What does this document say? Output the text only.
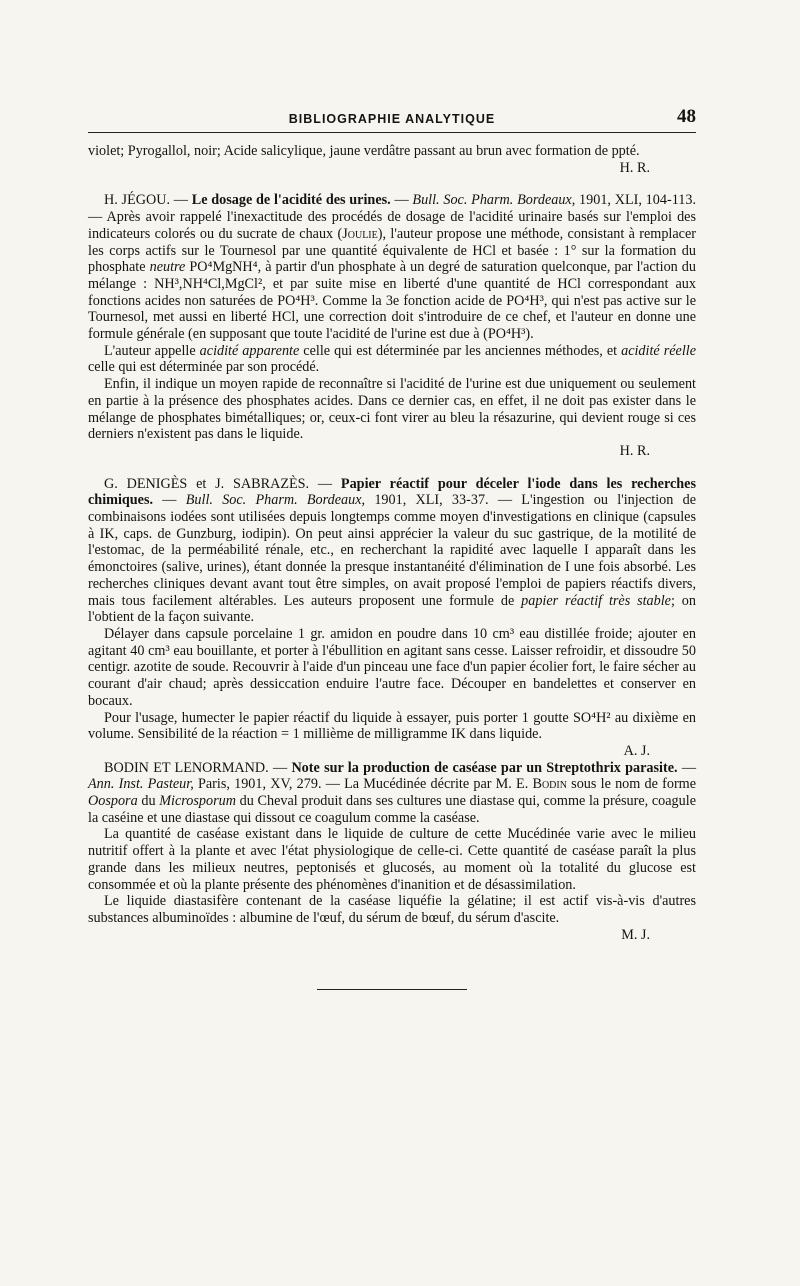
BIBLIOGRAPHIE ANALYTIQUE	48

violet; Pyrogallol, noir; Acide salicylique, jaune verdâtre passant au brun avec formation de ppté.

H. R.

H. JÉGOU. — Le dosage de l'acidité des urines. — Bull. Soc. Pharm. Bordeaux, 1901, XLI, 104-113. — Après avoir rappelé l'inexactitude des procédés de dosage de l'acidité urinaire basés sur l'emploi des indicateurs colorés ou du sucrate de chaux (Joulie), l'auteur propose une méthode, consistant à remplacer les corps actifs sur le Tournesol par une quantité équivalente de HCl et basée : 1° sur la formation du phosphate neutre PO⁴MgNH⁴, à partir d'un phosphate à un degré de saturation quelconque, par l'action du mélange : NH³,NH⁴Cl,MgCl², et par suite mise en liberté d'une quantité de HCl correspondant aux fonctions acides non saturées de PO⁴H³. Comme la 3e fonction acide de PO⁴H³, qui n'est pas active sur le Tournesol, met aussi en liberté HCl, une correction doit s'introduire de ce chef, et l'auteur en donne une formule générale (en supposant que toute l'acidité de l'urine est due à (PO⁴H³).

L'auteur appelle acidité apparente celle qui est déterminée par les anciennes méthodes, et acidité réelle celle qui est déterminée par son procédé.

Enfin, il indique un moyen rapide de reconnaître si l'acidité de l'urine est due uniquement ou seulement en partie à la présence des phosphates acides. Dans ce dernier cas, en effet, il ne doit pas exister dans le mélange de phosphates bimétalliques; or, ceux-ci font virer au bleu la résazurine, qui devient rouge si ces derniers n'existent pas dans le liquide.

H. R.

G. DENIGÈS et J. SABRAZÈS. — Papier réactif pour déceler l'iode dans les recherches chimiques. — Bull. Soc. Pharm. Bordeaux, 1901, XLI, 33-37. — L'ingestion ou l'injection de combinaisons iodées sont utilisées depuis longtemps comme moyen d'investigations en clinique (capsules à IK, caps. de Gunzburg, iodipin). On peut ainsi apprécier la valeur du suc gastrique, de la motilité de l'estomac, de la perméabilité rénale, etc., en recherchant la rapidité avec laquelle I apparaît dans les émonctoires (salive, urines), étant donnée la presque instantanéité d'élimination de I une fois absorbé. Les recherches cliniques devant avant tout être simples, on avait proposé l'emploi de papiers réactifs divers, mais tous facilement altérables. Les auteurs proposent une formule de papier réactif très stable; on l'obtient de la façon suivante.

Délayer dans capsule porcelaine 1 gr. amidon en poudre dans 10 cm³ eau distillée froide; ajouter en agitant 40 cm³ eau bouillante, et porter à l'ébullition en agitant sans cesse. Laisser refroidir, et dissoudre 50 centigr. azotite de soude. Recouvrir à l'aide d'un pinceau une face d'un papier écolier fort, le faire sécher au courant d'air chaud; après dessiccation enduire l'autre face. Découper en bandelettes et conserver en bocaux.

Pour l'usage, humecter le papier réactif du liquide à essayer, puis porter 1 goutte SO⁴H² au dixième en volume. Sensibilité de la réaction = 1 millième de milligramme IK dans liquide.

A. J.

BODIN ET LENORMAND. — Note sur la production de caséase par un Streptothrix parasite. — Ann. Inst. Pasteur, Paris, 1901, XV, 279. — La Mucédinée décrite par M. E. Bodin sous le nom de forme Oospora du Microsporum du Cheval produit dans ses cultures une diastase qui, comme la présure, coagule la caséine et une diastase qui dissout ce coagulum comme la caséase.

La quantité de caséase existant dans le liquide de culture de cette Mucédinée varie avec le milieu nutritif offert à la plante et avec l'état physiologique de celle-ci. Cette quantité de caséase paraît la plus grande dans les milieux neutres, peptonisés et glucosés, au moment où la totalité du glucose est consommée et où la plante présente des phénomènes d'inanition et de désassimilation.

Le liquide diastasifère contenant de la caséase liquéfie la gélatine; il est actif vis-à-vis d'autres substances albuminoïdes : albumine de l'œuf, du sérum de bœuf, du sérum d'ascite.

M. J.
